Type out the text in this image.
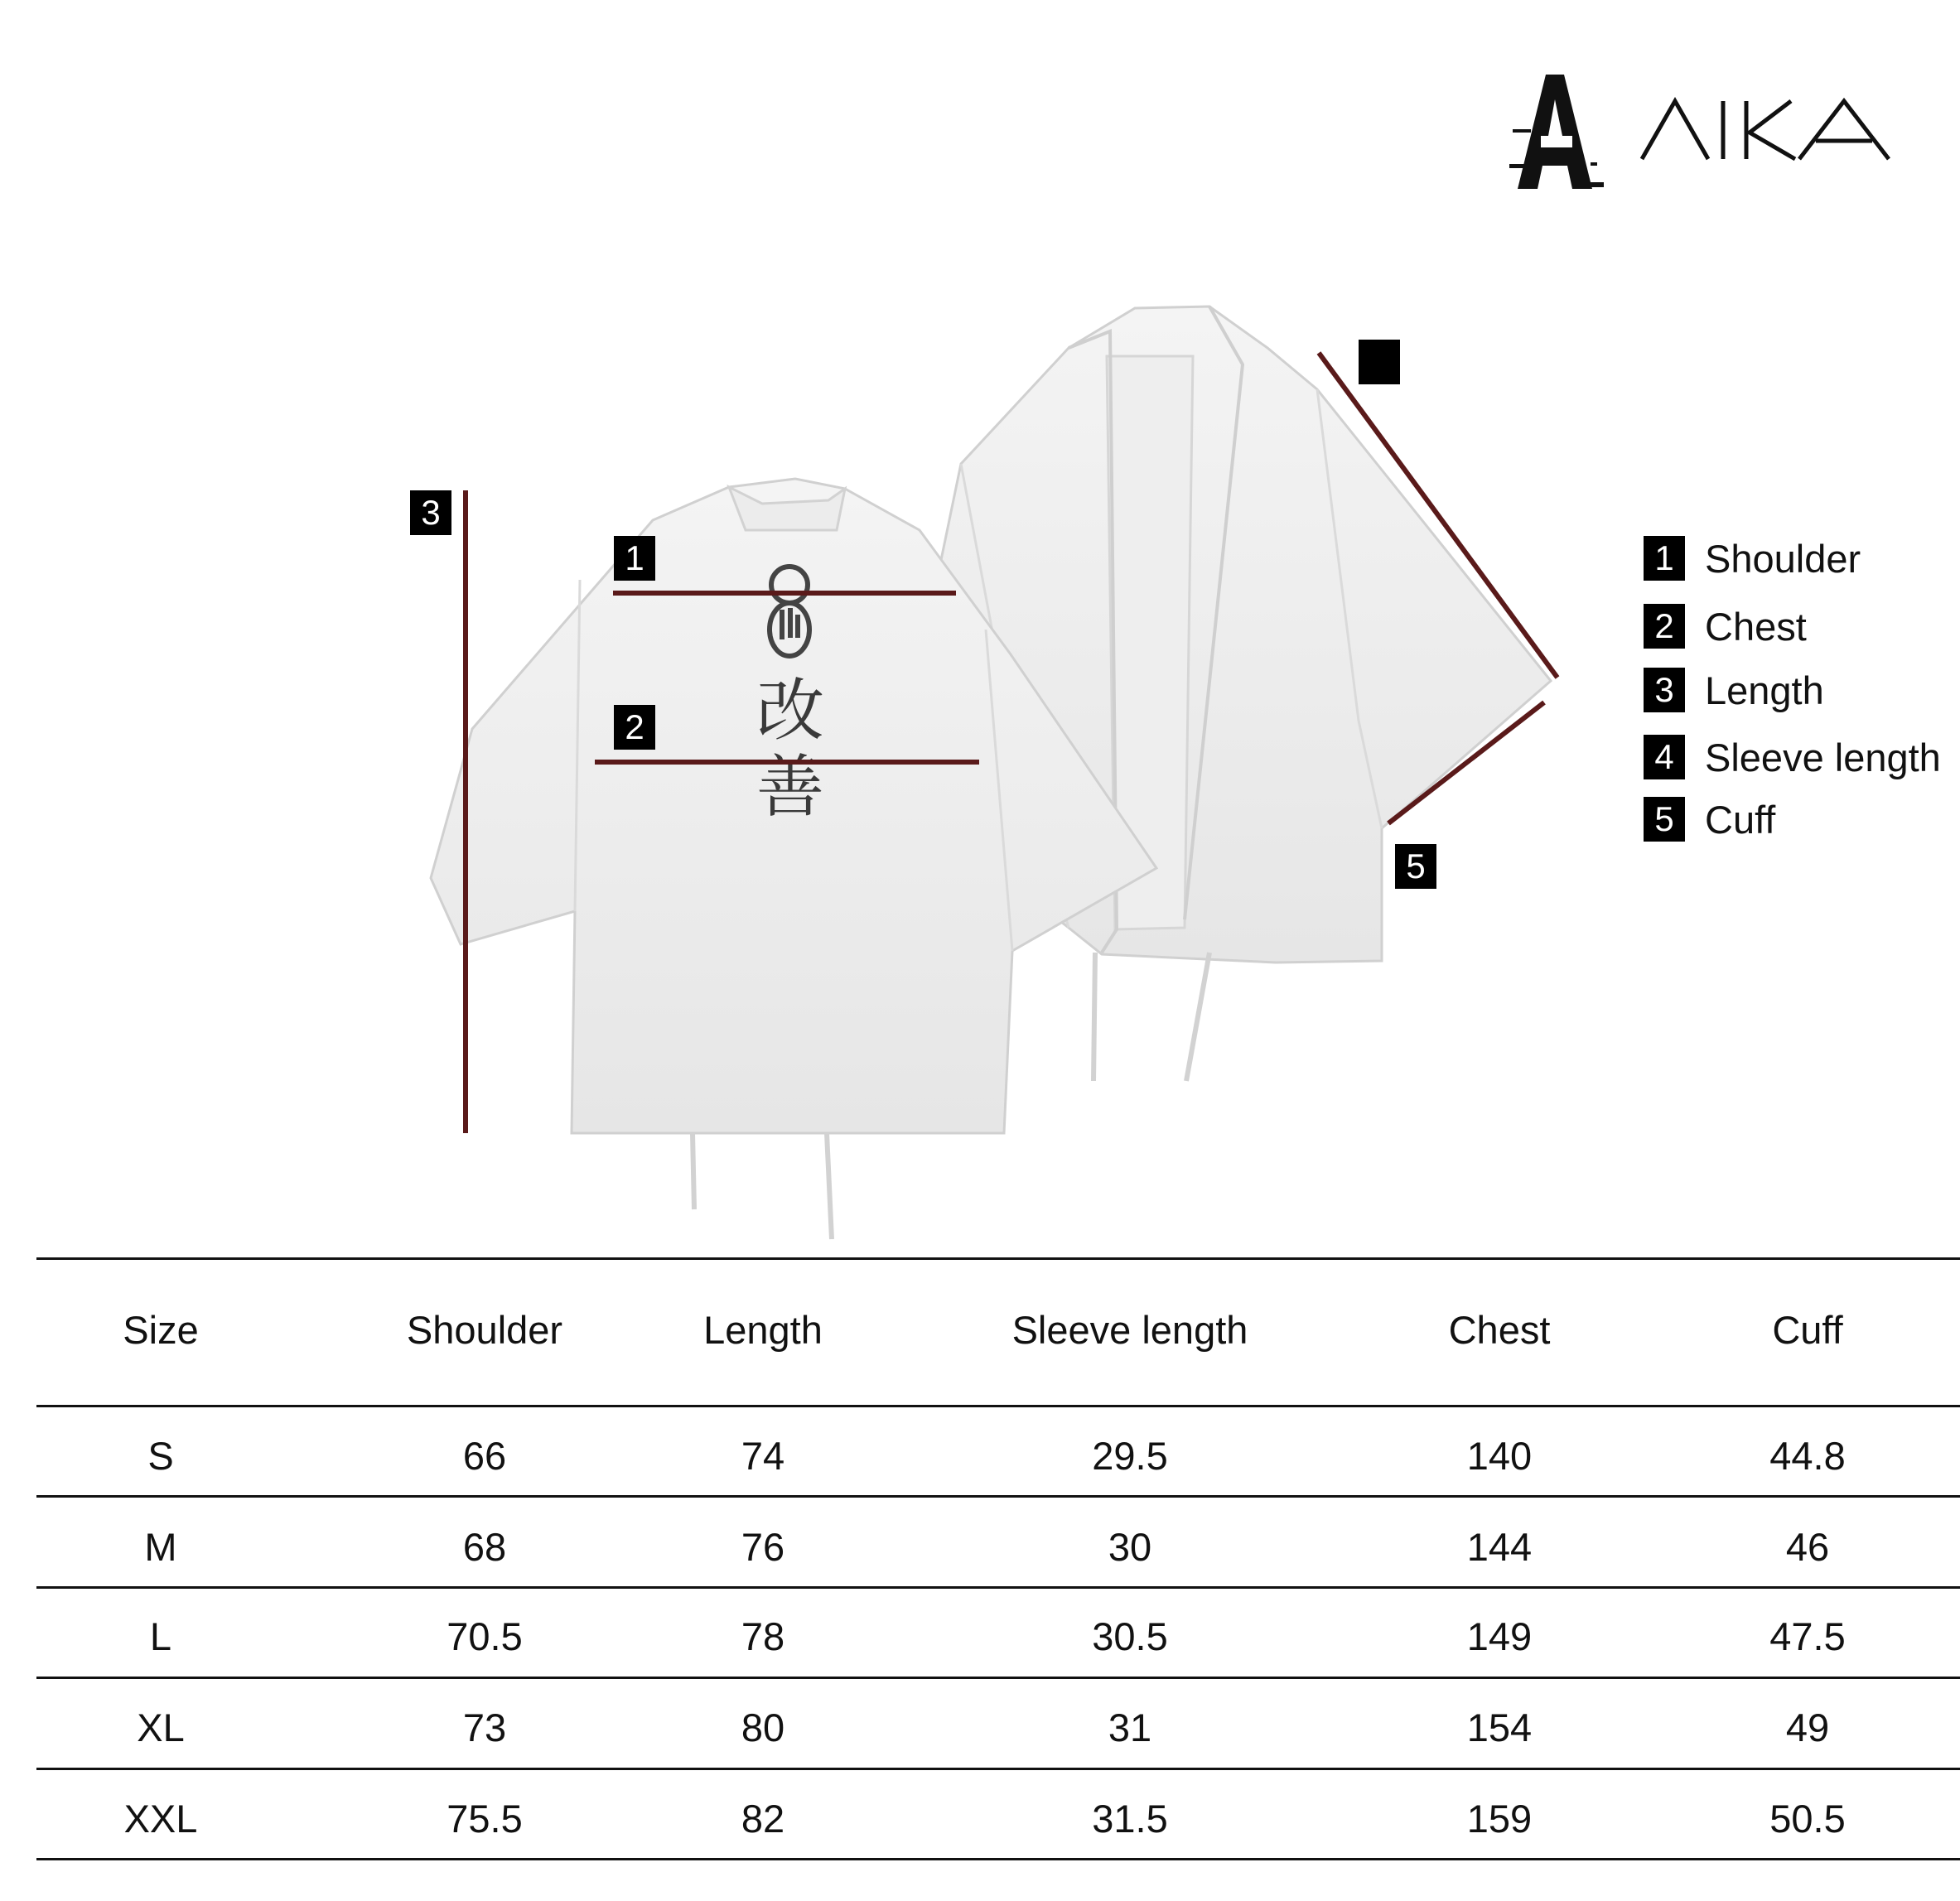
改
善
1
2
3
5
1 Shoulder
2 Chest
3 Length
4 Sleeve length
5 Cuff
Size	Shoulder	Length	Sleeve length	Chest	Cuff
S	66	74	29.5	140	44.8
M	68	76	30	144	46
L	70.5	78	30.5	149	47.5
XL	73	80	31	154	49
XXL	75.5	82	31.5	159	50.5
